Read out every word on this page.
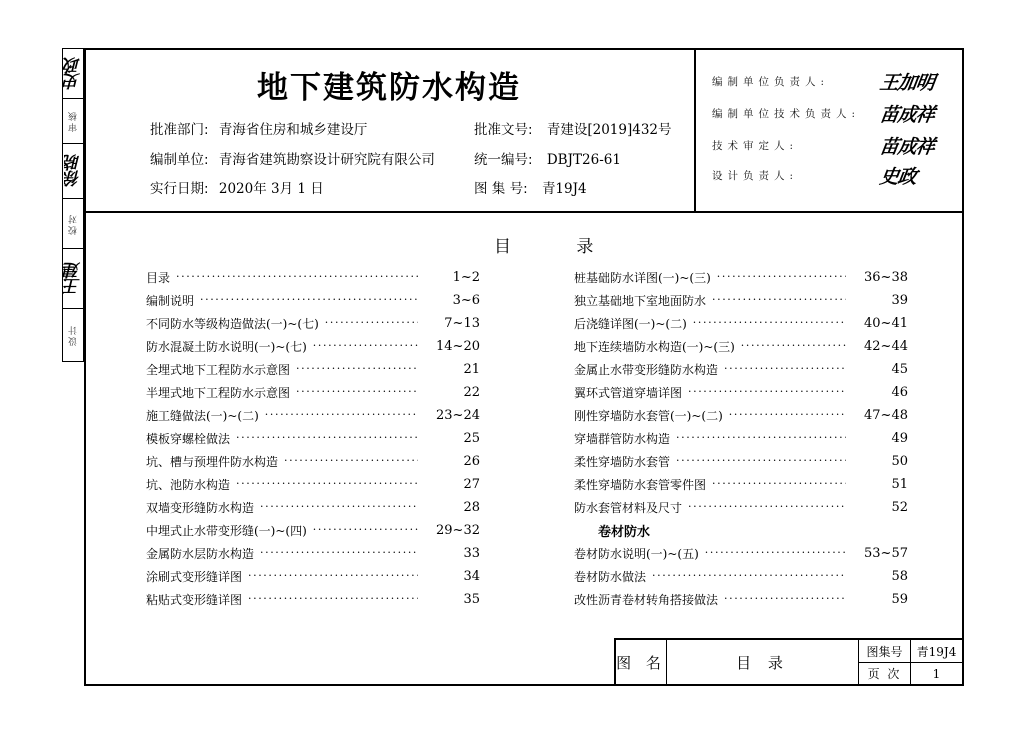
史政
审核
徐晓
校对
王建
设计
地下建筑防水构造
批准部门: 青海省住房和城乡建设厅	批准文号: 青建设[2019]432号
编制单位: 青海省建筑勘察设计研究院有限公司	统一编号: DBJT26-61
实行日期: 2020年 3月 1 日	图 集 号: 青19J4
编制单位负责人:	王加明
编制单位技术负责人: 苗成祥
技术审定人:	苗成祥
设计负责人:	史政
目 录
目录 ·····	1~2
编制说明 ·····	3~6
不同防水等级构造做法(一)~(七) ·····	7~13
防水混凝土防水说明(一)~(七) ·····	14~20
全埋式地下工程防水示意图 ·····	21
半埋式地下工程防水示意图 ·····	22
施工缝做法(一)~(二) ·····	23~24
模板穿螺栓做法 ·····	25
坑、槽与预埋件防水构造 ·····	26
坑、池防水构造 ·····	27
双墙变形缝防水构造 ·····	28
中埋式止水带变形缝(一)~(四) ·····	29~32
金属防水层防水构造 ·····	33
涂刷式变形缝详图 ·····	34
粘贴式变形缝详图 ·····	35
桩基础防水详图(一)~(三) ·····	36~38
独立基础地下室地面防水 ·····	39
后浇缝详图(一)~(二) ·····	40~41
地下连续墙防水构造(一)~(三) ·····	42~44
金属止水带变形缝防水构造 ·····	45
翼环式管道穿墙详图 ·····	46
刚性穿墙防水套管(一)~(二) ·····	47~48
穿墙群管防水构造 ·····	49
柔性穿墙防水套管 ·····	50
柔性穿墙防水套管零件图 ·····	51
防水套管材料及尺寸 ·····	52
卷材防水
卷材防水说明(一)~(五) ·····	53~57
卷材防水做法 ·····	58
改性沥青卷材转角搭接做法 ·····	59
图 名	目 录
图集号	青19J4
页 次	1
